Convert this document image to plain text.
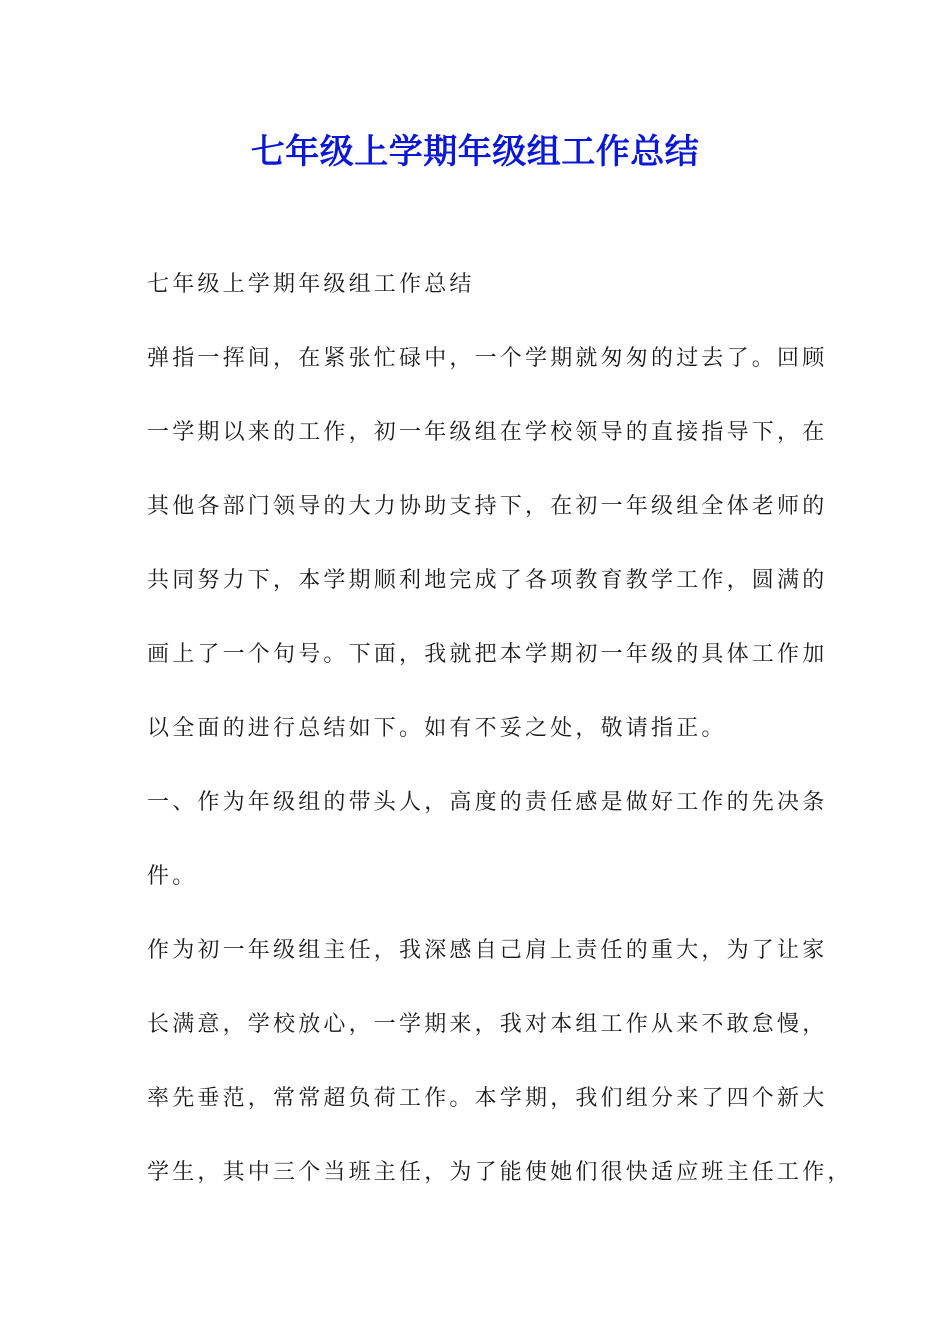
七年级上学期年级组工作总结
七年级上学期年级组工作总结
弹指一挥间，在紧张忙碌中，一个学期就匆匆的过去了。回顾
一学期以来的工作，初一年级组在学校领导的直接指导下，在
其他各部门领导的大力协助支持下，在初一年级组全体老师的
共同努力下，本学期顺利地完成了各项教育教学工作，圆满的
画上了一个句号。下面，我就把本学期初一年级的具体工作加
以全面的进行总结如下。如有不妥之处，敬请指正。
一、作为年级组的带头人，高度的责任感是做好工作的先决条
件。
作为初一年级组主任，我深感自己肩上责任的重大，为了让家
长满意，学校放心，一学期来，我对本组工作从来不敢怠慢，
率先垂范，常常超负荷工作。本学期，我们组分来了四个新大
学生，其中三个当班主任，为了能使她们很快适应班主任工作，
